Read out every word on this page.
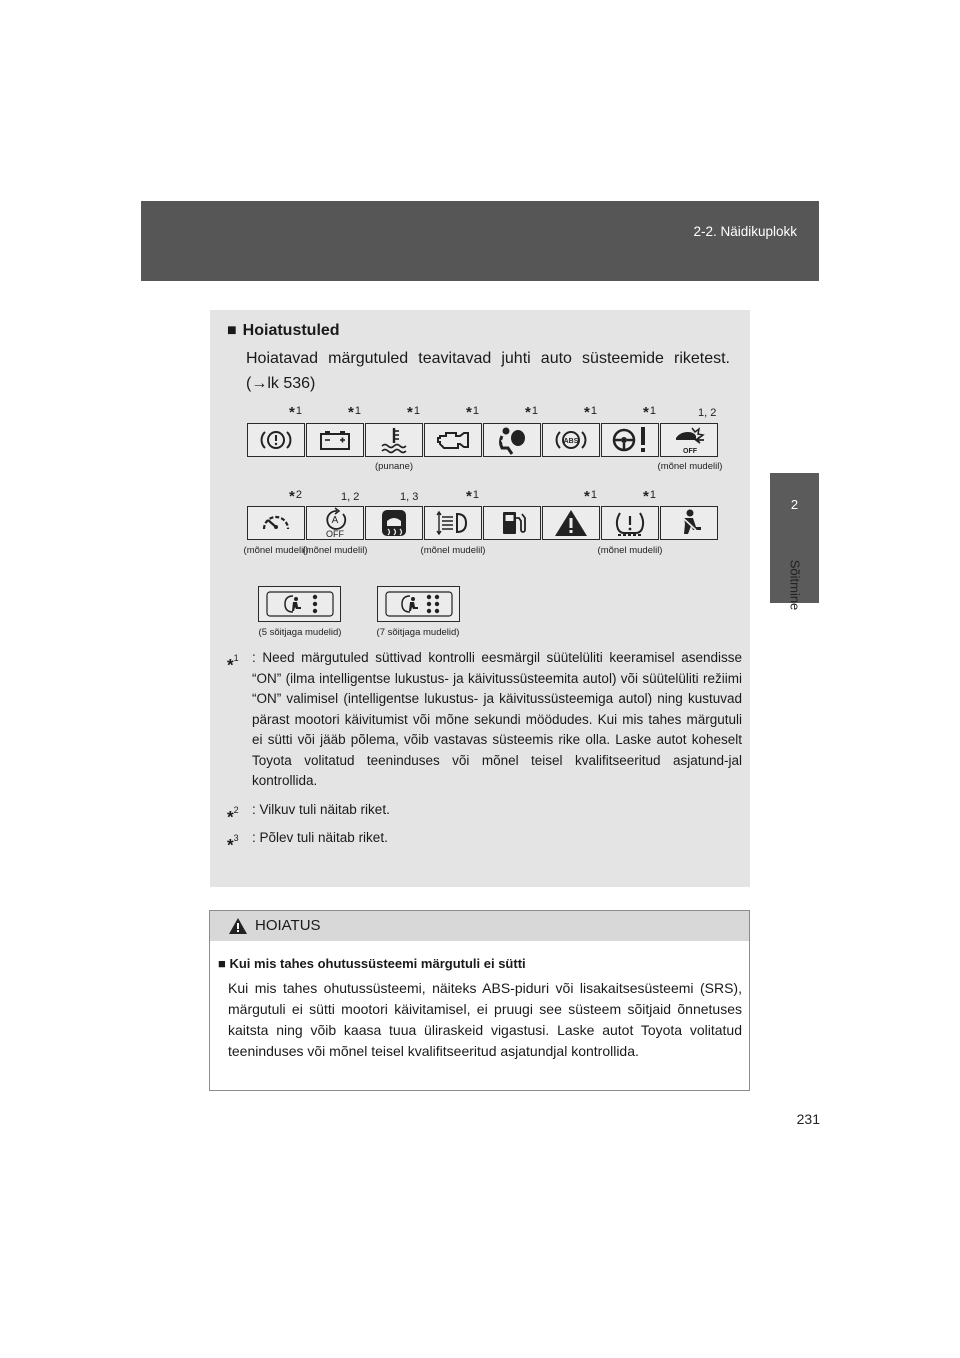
2-2. Näidikuplokk
2
Sõitmine
■ Hoiatustuled
Hoiatavad märgutuled teavitavad juhti auto süsteemide riketest. (→lk 536)
*1	*1	*1	*1	*1	*1	*1	1, 2
ABS
OFF
(punane)	(mõnel mudelil)
*2	1, 2	1, 3	*1	*1	*1
A
OFF
(mõnel mudelil)
(mõnel mudelil)	(mõnel mudelil)	(mõnel mudelil)
(5 sõitjaga mudelid)	(7 sõitjaga mudelid)
*$^1$ : Need märgutuled süttivad kontrolli eesmärgil süütelüliti keeramisel asendisse “ON” (ilma intelligentse lukustus- ja käivitussüsteemita autol) või süütelüliti režiimi “ON” valimisel (intelligentse lukustus- ja käivitussüsteemiga autol) ning kustuvad pärast mootori käivitumist või mõne sekundi möödudes. Kui mis tahes märgutuli ei sütti või jääb põlema, võib vastavas süsteemis rike olla. Laske autot koheselt Toyota volitatud teeninduses või mõnel teisel kvalifitseeritud asjatund-jal kontrollida.
*$^2$ : Vilkuv tuli näitab riket.
*$^3$ : Põlev tuli näitab riket.
HOIATUS
■ Kui mis tahes ohutussüsteemi märgutuli ei sütti
Kui mis tahes ohutussüsteemi, näiteks ABS-piduri või lisakaitsesüsteemi (SRS), märgutuli ei sütti mootori käivitamisel, ei pruugi see süsteem sõitjaid õnnetuses kaitsta ning võib kaasa tuua üliraskeid vigastusi. Laske autot Toyota volitatud teeninduses või mõnel teisel kvalifitseeritud asjatundjal kontrollida.
231
